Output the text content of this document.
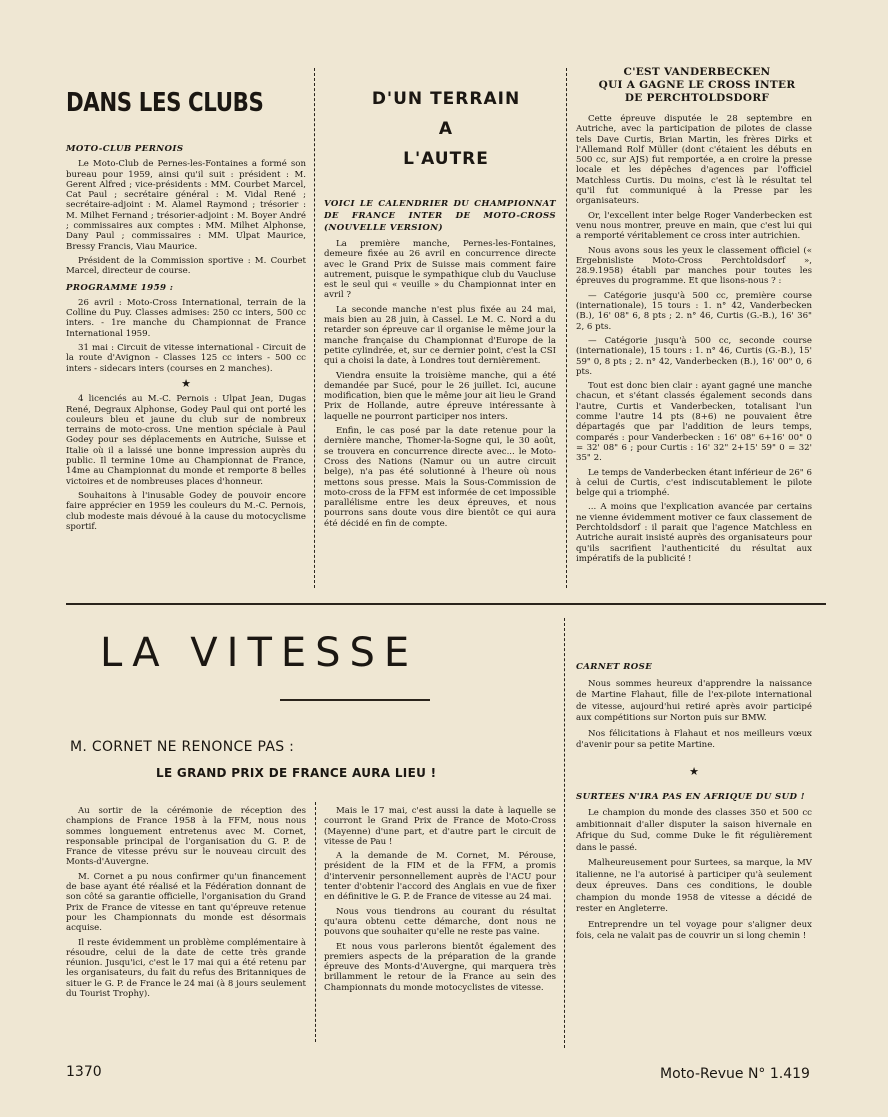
DANS LES CLUBS	D'UN TERRAIN
A
L'AUTRE
C'EST VANDERBECKEN
QUI A GAGNE LE CROSS INTER
DE PERCHTOLDSDORF
MOTO-CLUB PERNOIS

Le Moto-Club de Pernes-les-Fontaines a formé son bureau pour 1959, ainsi qu'il suit : président : M. Gerent Alfred ; vice-présidents : MM. Courbet Marcel, Cat Paul ; secrétaire général : M. Vidal René ; secrétaire-adjoint : M. Alamel Raymond ; trésorier : M. Milhet Fernand ; trésorier-adjoint : M. Boyer André ; commissaires aux comptes : MM. Milhet Alphonse, Dany Paul ; commissaires : MM. Ulpat Maurice, Bressy Francis, Viau Maurice.

Président de la Commission sportive : M. Courbet Marcel, directeur de course.

PROGRAMME 1959 :

26 avril : Moto-Cross International, terrain de la Colline du Puy. Classes admises: 250 cc inters, 500 cc inters. - 1re manche du Championnat de France International 1959.

31 mai : Circuit de vitesse international - Circuit de la route d'Avignon - Classes 125 cc inters - 500 cc inters - sidecars inters (courses en 2 manches).

★

4 licenciés au M.-C. Pernois : Ulpat Jean, Dugas René, Degraux Alphonse, Godey Paul qui ont porté les couleurs bleu et jaune du club sur de nombreux terrains de moto-cross. Une mention spéciale à Paul Godey pour ses déplacements en Autriche, Suisse et Italie où il a laissé une bonne impression auprès du public. Il termine 10me au Championnat de France, 14me au Championnat du monde et remporte 8 belles victoires et de nombreuses places d'honneur.

Souhaitons à l'inusable Godey de pouvoir encore faire apprécier en 1959 les couleurs du M.-C. Pernois, club modeste mais dévoué à la cause du motocyclisme sportif.

VOICI LE CALENDRIER DU CHAMPIONNAT DE FRANCE INTER DE MOTO-CROSS (NOUVELLE VERSION)

La première manche, Pernes-les-Fontaines, demeure fixée au 26 avril en concurrence directe avec le Grand Prix de Suisse mais comment faire autrement, puisque le sympathique club du Vaucluse est le seul qui « veuille » du Championnat inter en avril ?

La seconde manche n'est plus fixée au 24 mai, mais bien au 28 juin, à Cassel. Le M. C. Nord a du retarder son épreuve car il organise le même jour la manche française du Championnat d'Europe de la petite cylindrée, et, sur ce dernier point, c'est la CSI qui a choisi la date, à Londres tout dernièrement.

Viendra ensuite la troisième manche, qui a été demandée par Sucé, pour le 26 juillet. Ici, aucune modification, bien que le même jour ait lieu le Grand Prix de Hollande, autre épreuve intéressante à laquelle ne pourront participer nos inters.

Enfin, le cas posé par la date retenue pour la dernière manche, Thomer-la-Sogne qui, le 30 août, se trouvera en concurrence directe avec... le Moto-Cross des Nations (Namur ou un autre circuit belge), n'a pas été solutionné à l'heure où nous mettons sous presse. Mais la Sous-Commission de moto-cross de la FFM est informée de cet impossible parallélisme entre les deux épreuves, et nous pourrons sans doute vous dire bientôt ce qui aura été décidé en fin de compte.

Cette épreuve disputée le 28 septembre en Autriche, avec la participation de pilotes de classe tels Dave Curtis, Brian Martin, les frères Dirks et l'Allemand Rolf Müller (dont c'étaient les débuts en 500 cc, sur AJS) fut remportée, a en croire la presse locale et les dépêches d'agences par l'officiel Matchless Curtis. Du moins, c'est là le résultat tel qu'il fut communiqué à la Presse par les organisateurs.

Or, l'excellent inter belge Roger Vanderbecken est venu nous montrer, preuve en main, que c'est lui qui a remporté véritablement ce cross inter autrichien.

Nous avons sous les yeux le classement officiel (« Ergebnisliste Moto-Cross Perchtoldsdorf », 28.9.1958) établi par manches pour toutes les épreuves du programme. Et que lisons-nous ? :

— Catégorie jusqu'à 500 cc, première course (internationale), 15 tours : 1. n° 42, Vanderbecken (B.), 16' 08" 6, 8 pts ; 2. n° 46, Curtis (G.-B.), 16' 36" 2, 6 pts.

— Catégorie jusqu'à 500 cc, seconde course (internationale), 15 tours : 1. n° 46, Curtis (G.-B.), 15' 59" 0, 8 pts ; 2. n° 42, Vanderbecken (B.), 16' 00" 0, 6 pts.

Tout est donc bien clair : ayant gagné une manche chacun, et s'étant classés également seconds dans l'autre, Curtis et Vanderbecken, totalisant l'un comme l'autre 14 pts (8+6) ne pouvaient être départagés que par l'addition de leurs temps, comparés : pour Vanderbecken : 16' 08" 6+16' 00" 0 = 32' 08" 6 ; pour Curtis : 16' 32" 2+15' 59" 0 = 32' 35" 2.

Le temps de Vanderbecken étant inférieur de 26" 6 à celui de Curtis, c'est indiscutablement le pilote belge qui a triomphé.

... A moins que l'explication avancée par certains ne vienne évidemment motiver ce faux classement de Perchtoldsdorf : il parait que l'agence Matchless en Autriche aurait insisté auprès des organisateurs pour qu'ils sacrifient l'authenticité du résultat aux impératifs de la publicité !

LA VITESSE
M. CORNET NE RENONCE PAS :
LE GRAND PRIX DE FRANCE AURA LIEU !

Au sortir de la cérémonie de réception des champions de France 1958 à la FFM, nous nous sommes longuement entretenus avec M. Cornet, responsable principal de l'organisation du G. P. de France de vitesse prévu sur le nouveau circuit des Monts-d'Auvergne.

M. Cornet a pu nous confirmer qu'un financement de base ayant été réalisé et la Fédération donnant de son côté sa garantie officielle, l'organisation du Grand Prix de France de vitesse en tant qu'épreuve retenue pour les Championnats du monde est désormais acquise.

Il reste évidemment un problème complémentaire à résoudre, celui de la date de cette très grande réunion. Jusqu'ici, c'est le 17 mai qui a été retenu par les organisateurs, du fait du refus des Britanniques de situer le G. P. de France le 24 mai (à 8 jours seulement du Tourist Trophy).

Mais le 17 mai, c'est aussi la date à laquelle se courront le Grand Prix de France de Moto-Cross (Mayenne) d'une part, et d'autre part le circuit de vitesse de Pau !

A la demande de M. Cornet, M. Pérouse, président de la FIM et de la FFM, a promis d'intervenir personnellement auprès de l'ACU pour tenter d'obtenir l'accord des Anglais en vue de fixer en définitive le G. P. de France de vitesse au 24 mai.

Nous vous tiendrons au courant du résultat qu'aura obtenu cette démarche, dont nous ne pouvons que souhaiter qu'elle ne reste pas vaine.

Et nous vous parlerons bientôt également des premiers aspects de la préparation de la grande épreuve des Monts-d'Auvergne, qui marquera très brillamment le retour de la France au sein des Championnats du monde motocyclistes de vitesse.

CARNET ROSE

Nous sommes heureux d'apprendre la naissance de Martine Flahaut, fille de l'ex-pilote international de vitesse, aujourd'hui retiré après avoir participé aux compétitions sur Norton puis sur BMW.

Nos félicitations à Flahaut et nos meilleurs vœux d'avenir pour sa petite Martine.

★
SURTEES N'IRA PAS EN AFRIQUE DU SUD !

Le champion du monde des classes 350 et 500 cc ambitionnait d'aller disputer la saison hivernale en Afrique du Sud, comme Duke le fit régulièrement dans le passé.

Malheureusement pour Surtees, sa marque, la MV italienne, ne l'a autorisé à participer qu'à seulement deux épreuves. Dans ces conditions, le double champion du monde 1958 de vitesse a décidé de rester en Angleterre.

Entreprendre un tel voyage pour s'aligner deux fois, cela ne valait pas de couvrir un si long chemin !

1370	Moto-Revue N° 1.419
